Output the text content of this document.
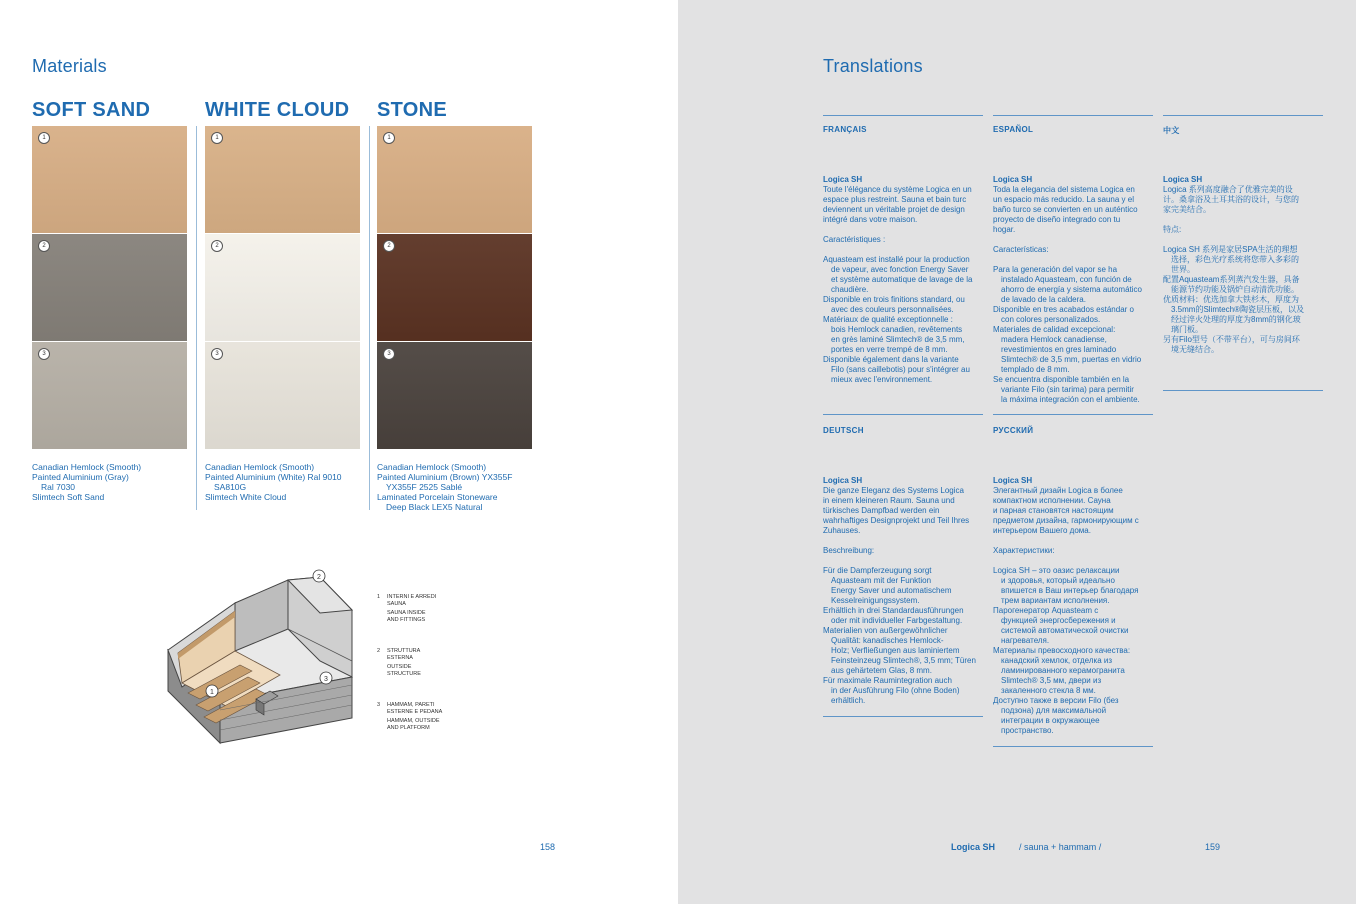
Materials
SOFT SAND
1
2
3
Canadian Hemlock (Smooth)
Painted Aluminium (Gray)
Ral 7030
Slimtech Soft Sand
WHITE CLOUD
1
2
3
Canadian Hemlock (Smooth)
Painted Aluminium (White) Ral 9010
SA810G
Slimtech White Cloud
STONE
1
2
3
Canadian Hemlock (Smooth)
Painted Aluminium (Brown) YX355F
YX355F 2525 Sablé
Laminated Porcelain Stoneware
Deep Black LEX5 Natural
2
1
3
1 INTERNI E ARREDI
SAUNA
SAUNA INSIDE
AND FITTINGS
2 STRUTTURA
ESTERNA
OUTSIDE
STRUCTURE
3 HAMMAM, PARETI
ESTERNE E PEDANA
HAMMAM, OUTSIDE
AND PLATFORM
158
Translations
FRANÇAIS	ESPAÑOL	中文
Logica SH
Toute l'élégance du système Logica en un
espace plus restreint. Sauna et bain turc
deviennent un véritable projet de design
intégré dans votre maison.
Caractéristiques :
Aquasteam est installé pour la production
de vapeur, avec fonction Energy Saver
et système automatique de lavage de la
chaudière.
Disponible en trois finitions standard, ou
avec des couleurs personnalisées.
Matériaux de qualité exceptionnelle :
bois Hemlock canadien, revêtements
en grès laminé Slimtech® de 3,5 mm,
portes en verre trempé de 8 mm.
Disponible également dans la variante
Filo (sans caillebotis) pour s'intégrer au
mieux avec l'environnement.
Logica SH
Toda la elegancia del sistema Logica en
un espacio más reducido. La sauna y el
baño turco se convierten en un auténtico
proyecto de diseño integrado con tu
hogar.
Características:
Para la generación del vapor se ha
instalado Aquasteam, con función de
ahorro de energía y sistema automático
de lavado de la caldera.
Disponible en tres acabados estándar o
con colores personalizados.
Materiales de calidad excepcional:
madera Hemlock canadiense,
revestimientos en gres laminado
Slimtech® de 3,5 mm, puertas en vidrio
templado de 8 mm.
Se encuentra disponible también en la
variante Filo (sin tarima) para permitir
la máxima integración con el ambiente.
Logica SH
Logica 系列高度融合了优雅完美的设
计。桑拿浴及土耳其浴的设计，与您的
家完美结合。
特点:
Logica SH 系列是家居SPA生活的理想
选择，彩色光疗系统将您带入多彩的
世界。
配置Aquasteam系列蒸汽发生器，具备
能源节约功能及锅炉自动清洗功能。
优质材料：优选加拿大铁杉木，厚度为
3.5mm的Slimtech®陶瓷层压板，以及
经过淬火处理的厚度为8mm的钢化玻
璃门板。
另有Filo型号（不带平台），可与房间环
境无缝结合。
DEUTSCH	РУССКИЙ
Logica SH
Die ganze Eleganz des Systems Logica
in einem kleineren Raum. Sauna und
türkisches Dampfbad werden ein
wahrhaftiges Designprojekt und Teil Ihres
Zuhauses.
Beschreibung:
Für die Dampferzeugung sorgt
Aquasteam mit der Funktion
Energy Saver und automatischem
Kesselreinigungssystem.
Erhältlich in drei Standardausführungen
oder mit individueller Farbgestaltung.
Materialien von außergewöhnlicher
Qualität: kanadisches Hemlock-
Holz; Verfließungen aus laminiertem
Feinsteinzeug Slimtech®, 3,5 mm; Türen
aus gehärtetem Glas, 8 mm.
Für maximale Raumintegration auch
in der Ausführung Filo (ohne Boden)
erhältlich.
Logica SH
Элегантный дизайн Logica в более
компактном исполнении. Сауна
и парная становятся настоящим
предметом дизайна, гармонирующим с
интерьером Вашего дома.
Характеристики:
Logica SH – это оазис релаксации
и здоровья, который идеально
впишется в Ваш интерьер благодаря
трем вариантам исполнения.
Парогенератор Aquasteam с
функцией энергосбережения и
системой автоматической очистки
нагревателя.
Материалы превосходного качества:
канадский хемлок, отделка из
ламинированного керамогранита
Slimtech® 3,5 мм, двери из
закаленного стекла 8 мм.
Доступно также в версии Filo (без
подзона) для максимальной
интеграции в окружающее
пространство.
Logica SH	/ sauna + hammam /	159
